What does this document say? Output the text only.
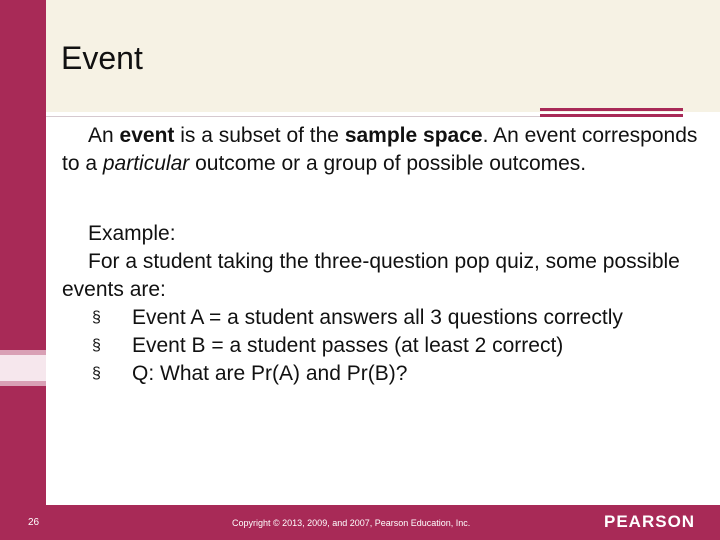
Event

An event is a subset of the sample space. An event corresponds to a particular outcome or a group of possible outcomes.

Example:

For a student taking the three-question pop quiz, some possible events are:

§ Event A = a student answers all 3 questions correctly
§ Event B = a student passes (at least 2 correct)
§ Q: What are Pr(A) and Pr(B)?
26	Copyright © 2013, 2009, and 2007, Pearson Education, Inc.	PEARSON
